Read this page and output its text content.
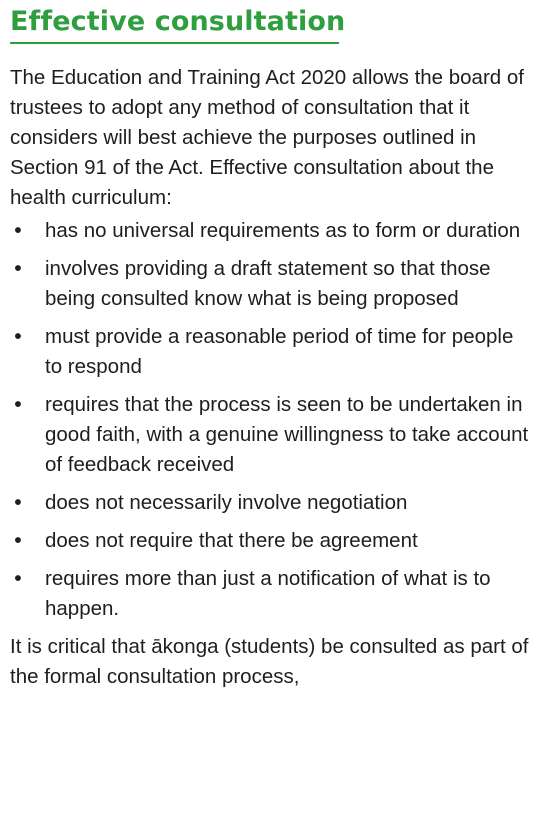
Effective consultation

The Education and Training Act 2020 allows the board of trustees to adopt any method of consultation that it considers will best achieve the purposes outlined in Section 91 of the Act. Effective consultation about the health curriculum:

• has no universal requirements as to form or duration
• involves providing a draft statement so that those being consulted know what is being proposed
• must provide a reasonable period of time for people to respond
• requires that the process is seen to be undertaken in good faith, with a genuine willingness to take account of feedback received
• does not necessarily involve negotiation
• does not require that there be agreement
• requires more than just a notification of what is to happen.

It is critical that ākonga (students) be consulted as part of the formal consultation process,
